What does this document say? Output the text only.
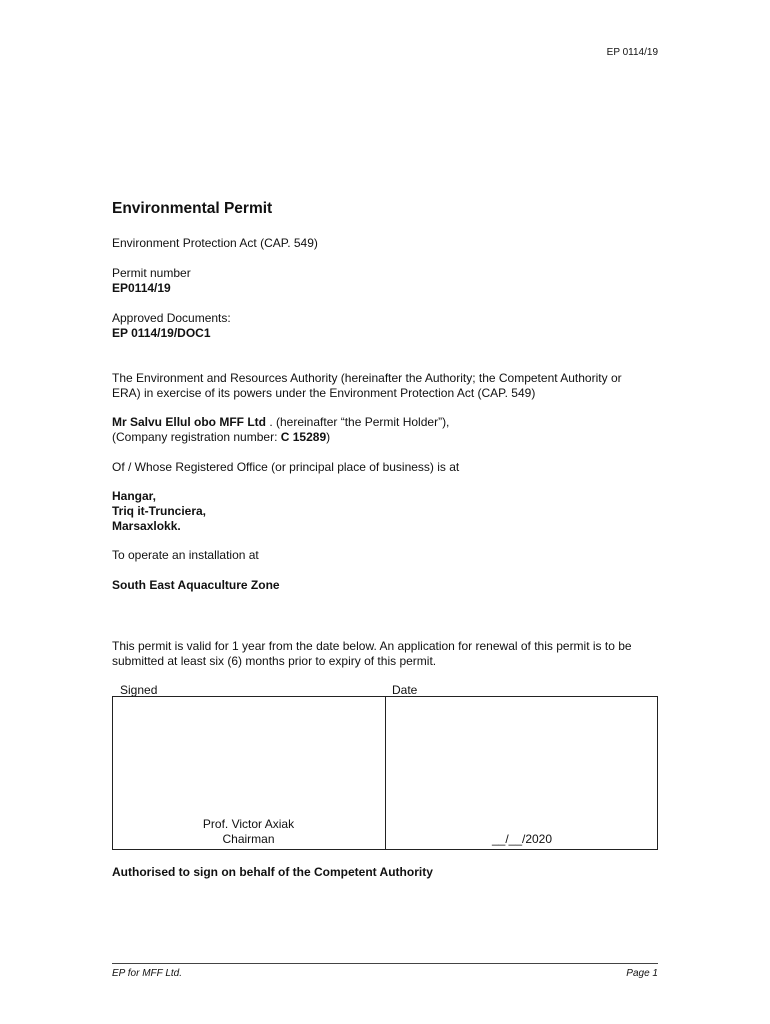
EP 0114/19
Environmental Permit
Environment Protection Act (CAP. 549)
Permit number
EP0114/19
Approved Documents:
EP 0114/19/DOC1
The Environment and Resources Authority (hereinafter the Authority; the Competent Authority or
ERA) in exercise of its powers under the Environment Protection Act (CAP. 549)
Mr Salvu Ellul obo MFF Ltd . (hereinafter “the Permit Holder”),
(Company registration number: C 15289)
Of / Whose Registered Office (or principal place of business) is at
Hangar,
Triq it-Trunciera,
Marsaxlokk.
To operate an installation at
South East Aquaculture Zone
This permit is valid for 1 year from the date below. An application for renewal of this permit is to be
submitted at least six (6) months prior to expiry of this permit.
Signed	Date
Prof. Victor Axiak
Chairman	__/__/2020
Authorised to sign on behalf of the Competent Authority
EP for MFF Ltd.	Page 1
